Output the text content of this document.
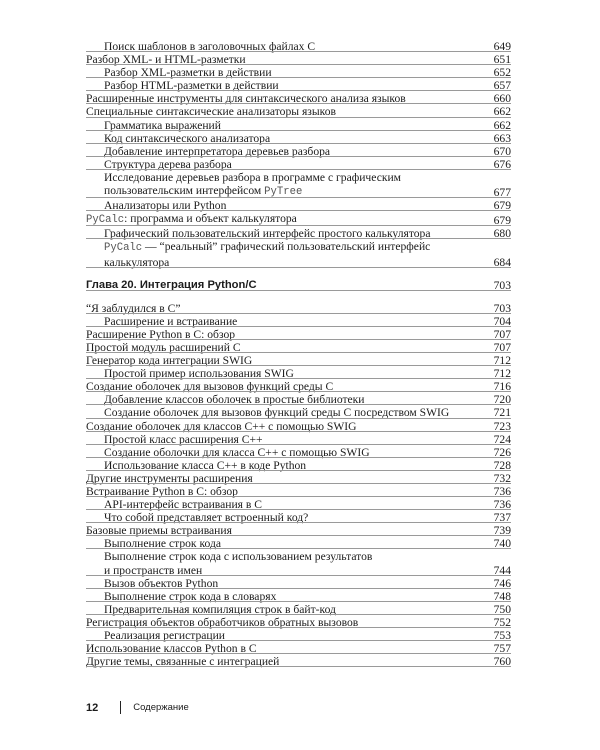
Поиск шаблонов в заголовочных файлах C	649
Разбор XML- и HTML-разметки	651
Разбор XML-разметки в действии	652
Разбор HTML-разметки в действии	657
Расширенные инструменты для синтаксического анализа языков	660
Специальные синтаксические анализаторы языков	662
Грамматика выражений	662
Код синтаксического анализатора	663
Добавление интерпретатора деревьев разбора	670
Структура дерева разбора	676
Исследование деревьев разбора в программе с графическим
пользовательским интерфейсом PyTree	677
Анализаторы или Python	679
PyCalc: программа и объект калькулятора	679
Графический пользовательский интерфейс простого калькулятора	680
PyCalc — “реальный” графический пользовательский интерфейс
калькулятора	684
Глава 20. Интеграция Python/C	703
“Я заблудился в C”	703
Расширение и встраивание	704
Расширение Python в C: обзор	707
Простой модуль расширений C	707
Генератор кода интеграции SWIG	712
Простой пример использования SWIG	712
Создание оболочек для вызовов функций среды C	716
Добавление классов оболочек в простые библиотеки	720
Создание оболочек для вызовов функций среды C посредством SWIG	721
Создание оболочек для классов C++ с помощью SWIG	723
Простой класс расширения C++	724
Создание оболочки для класса C++ с помощью SWIG	726
Использование класса C++ в коде Python	728
Другие инструменты расширения	732
Встраивание Python в C: обзор	736
API-интерфейс встраивания в C	736
Что собой представляет встроенный код?	737
Базовые приемы встраивания	739
Выполнение строк кода	740
Выполнение строк кода с использованием результатов
и пространств имен	744
Вызов объектов Python	746
Выполнение строк кода в словарях	748
Предварительная компиляция строк в байт-код	750
Регистрация объектов обработчиков обратных вызовов	752
Реализация регистрации	753
Использование классов Python в C	757
Другие темы, связанные с интеграцией	760
12	Содержание
